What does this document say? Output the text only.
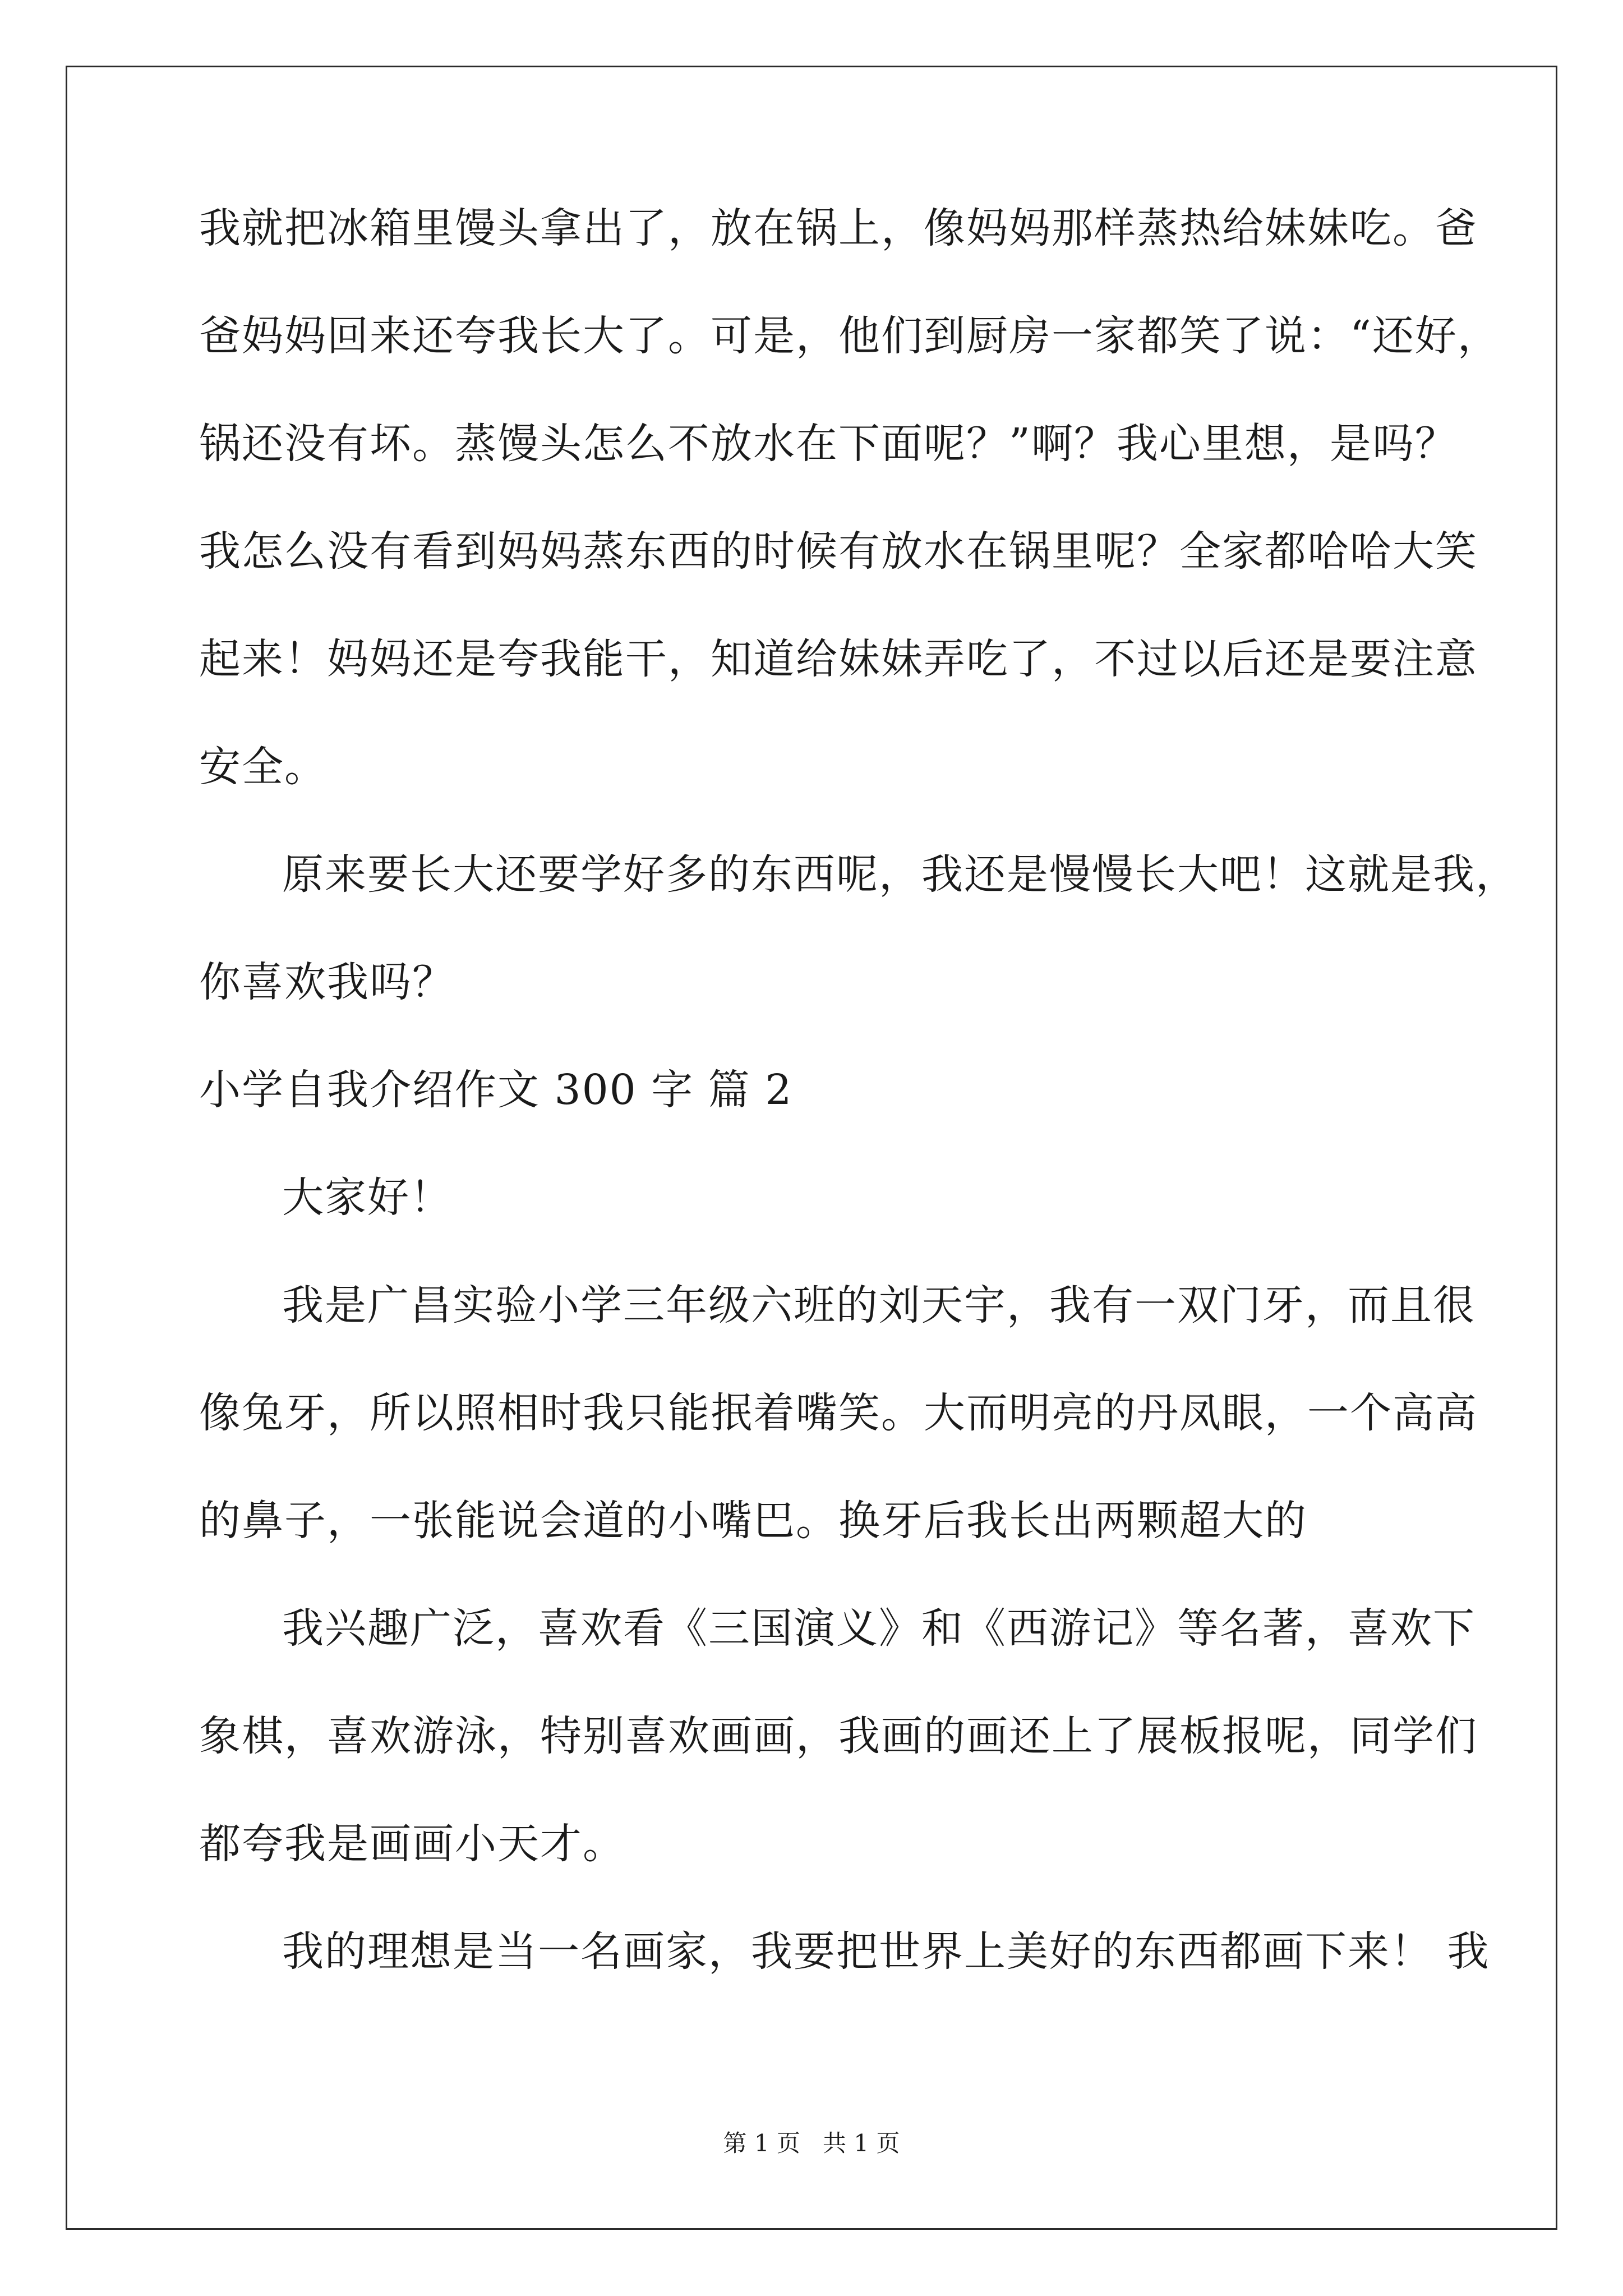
我就把冰箱里馒头拿出了，放在锅上，像妈妈那样蒸热给妹妹吃。爸
爸妈妈回来还夸我长大了。可是，他们到厨房一家都笑了说：“还好，
锅还没有坏。蒸馒头怎么不放水在下面呢？”啊？我心里想，是吗？
我怎么没有看到妈妈蒸东西的时候有放水在锅里呢？全家都哈哈大笑
起来！妈妈还是夸我能干，知道给妹妹弄吃了，不过以后还是要注意
安全。
原来要长大还要学好多的东西呢，我还是慢慢长大吧！这就是我，
你喜欢我吗？
小学自我介绍作文 300 字 篇 2
大家好！
我是广昌实验小学三年级六班的刘天宇，我有一双门牙，而且很
像兔牙，所以照相时我只能抿着嘴笑。大而明亮的丹凤眼，一个高高
的鼻子，一张能说会道的小嘴巴。换牙后我长出两颗超大的
我兴趣广泛，喜欢看《三国演义》和《西游记》等名著，喜欢下
象棋，喜欢游泳，特别喜欢画画，我画的画还上了展板报呢，同学们
都夸我是画画小天才。
我的理想是当一名画家，我要把世界上美好的东西都画下来！ 我
第 1 页   共 1 页
